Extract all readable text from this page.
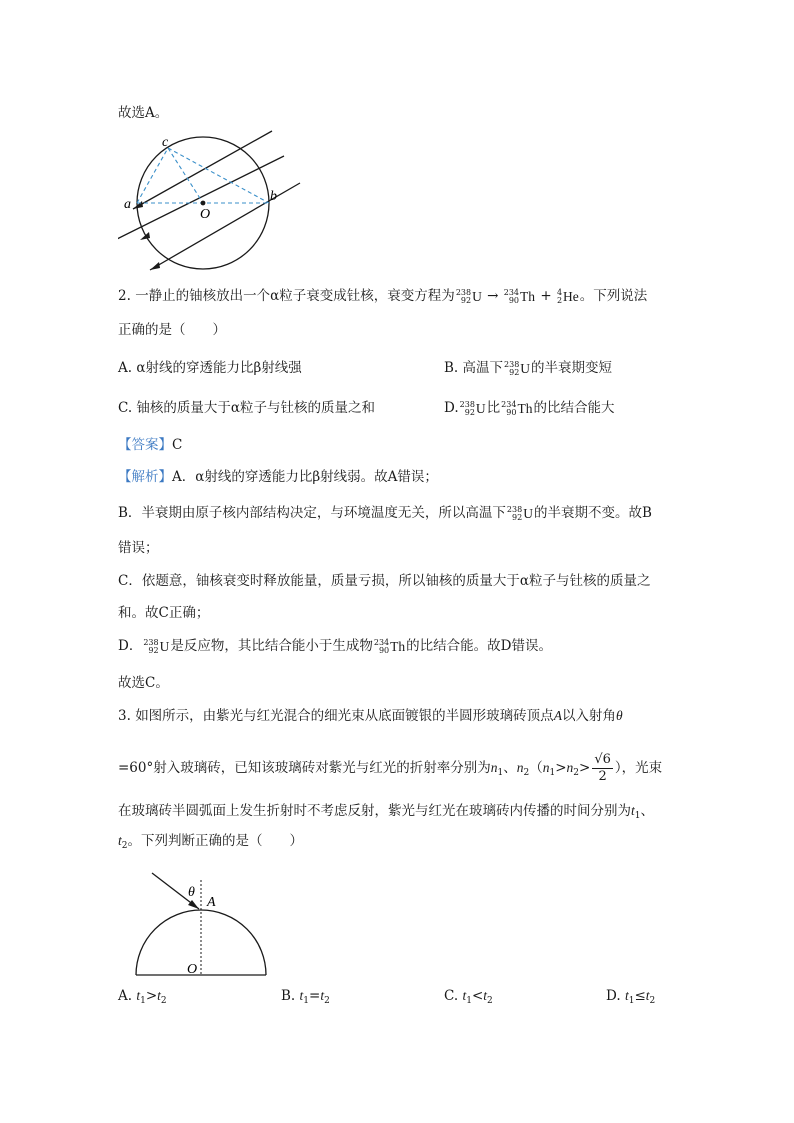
故选A。
c
a
b
O
2. 一静止的铀核放出一个α粒子衰变成钍核，衰变方程为 238
92 U → 234
90 Th + 4
2 He 。下列说法
正确的是（　　）
A. α射线的穿透能力比β射线强	B. 高温下 238
92 U 的半衰期变短
C. 铀核的质量大于α粒子与钍核的质量之和	D. 238
92 U 比 234
90 Th 的比结合能大
【答案】C
【解析】A．α射线的穿透能力比β射线弱。故A错误；
B．半衰期由原子核内部结构决定，与环境温度无关，所以高温下 238
92 U 的半衰期不变。故B
错误；
C．依题意，铀核衰变时释放能量，质量亏损，所以铀核的质量大于α粒子与钍核的质量之
和。故C正确；
D． 238
92 U 是反应物，其比结合能小于生成物 234
90 Th 的比结合能。故D错误。
故选C。
3. 如图所示，由紫光与红光混合的细光束从底面镀银的半圆形玻璃砖顶点A以入射角θ
=60°射入玻璃砖，已知该玻璃砖对紫光与红光的折射率分别为$n_1$、$n_2(n_1>n_2> \frac{√6}{2}$ ），光束
在玻璃砖半圆弧面上发生折射时不考虑反射，紫光与红光在玻璃砖内传播的时间分别为$t_1$、
$t_2$。下列判断正确的是（　　）
θ
A
O
A. $t_1>t_2$	B. $t_1=t_2$	C. $t_1<t_2$	D. $t_1\le t_2$
